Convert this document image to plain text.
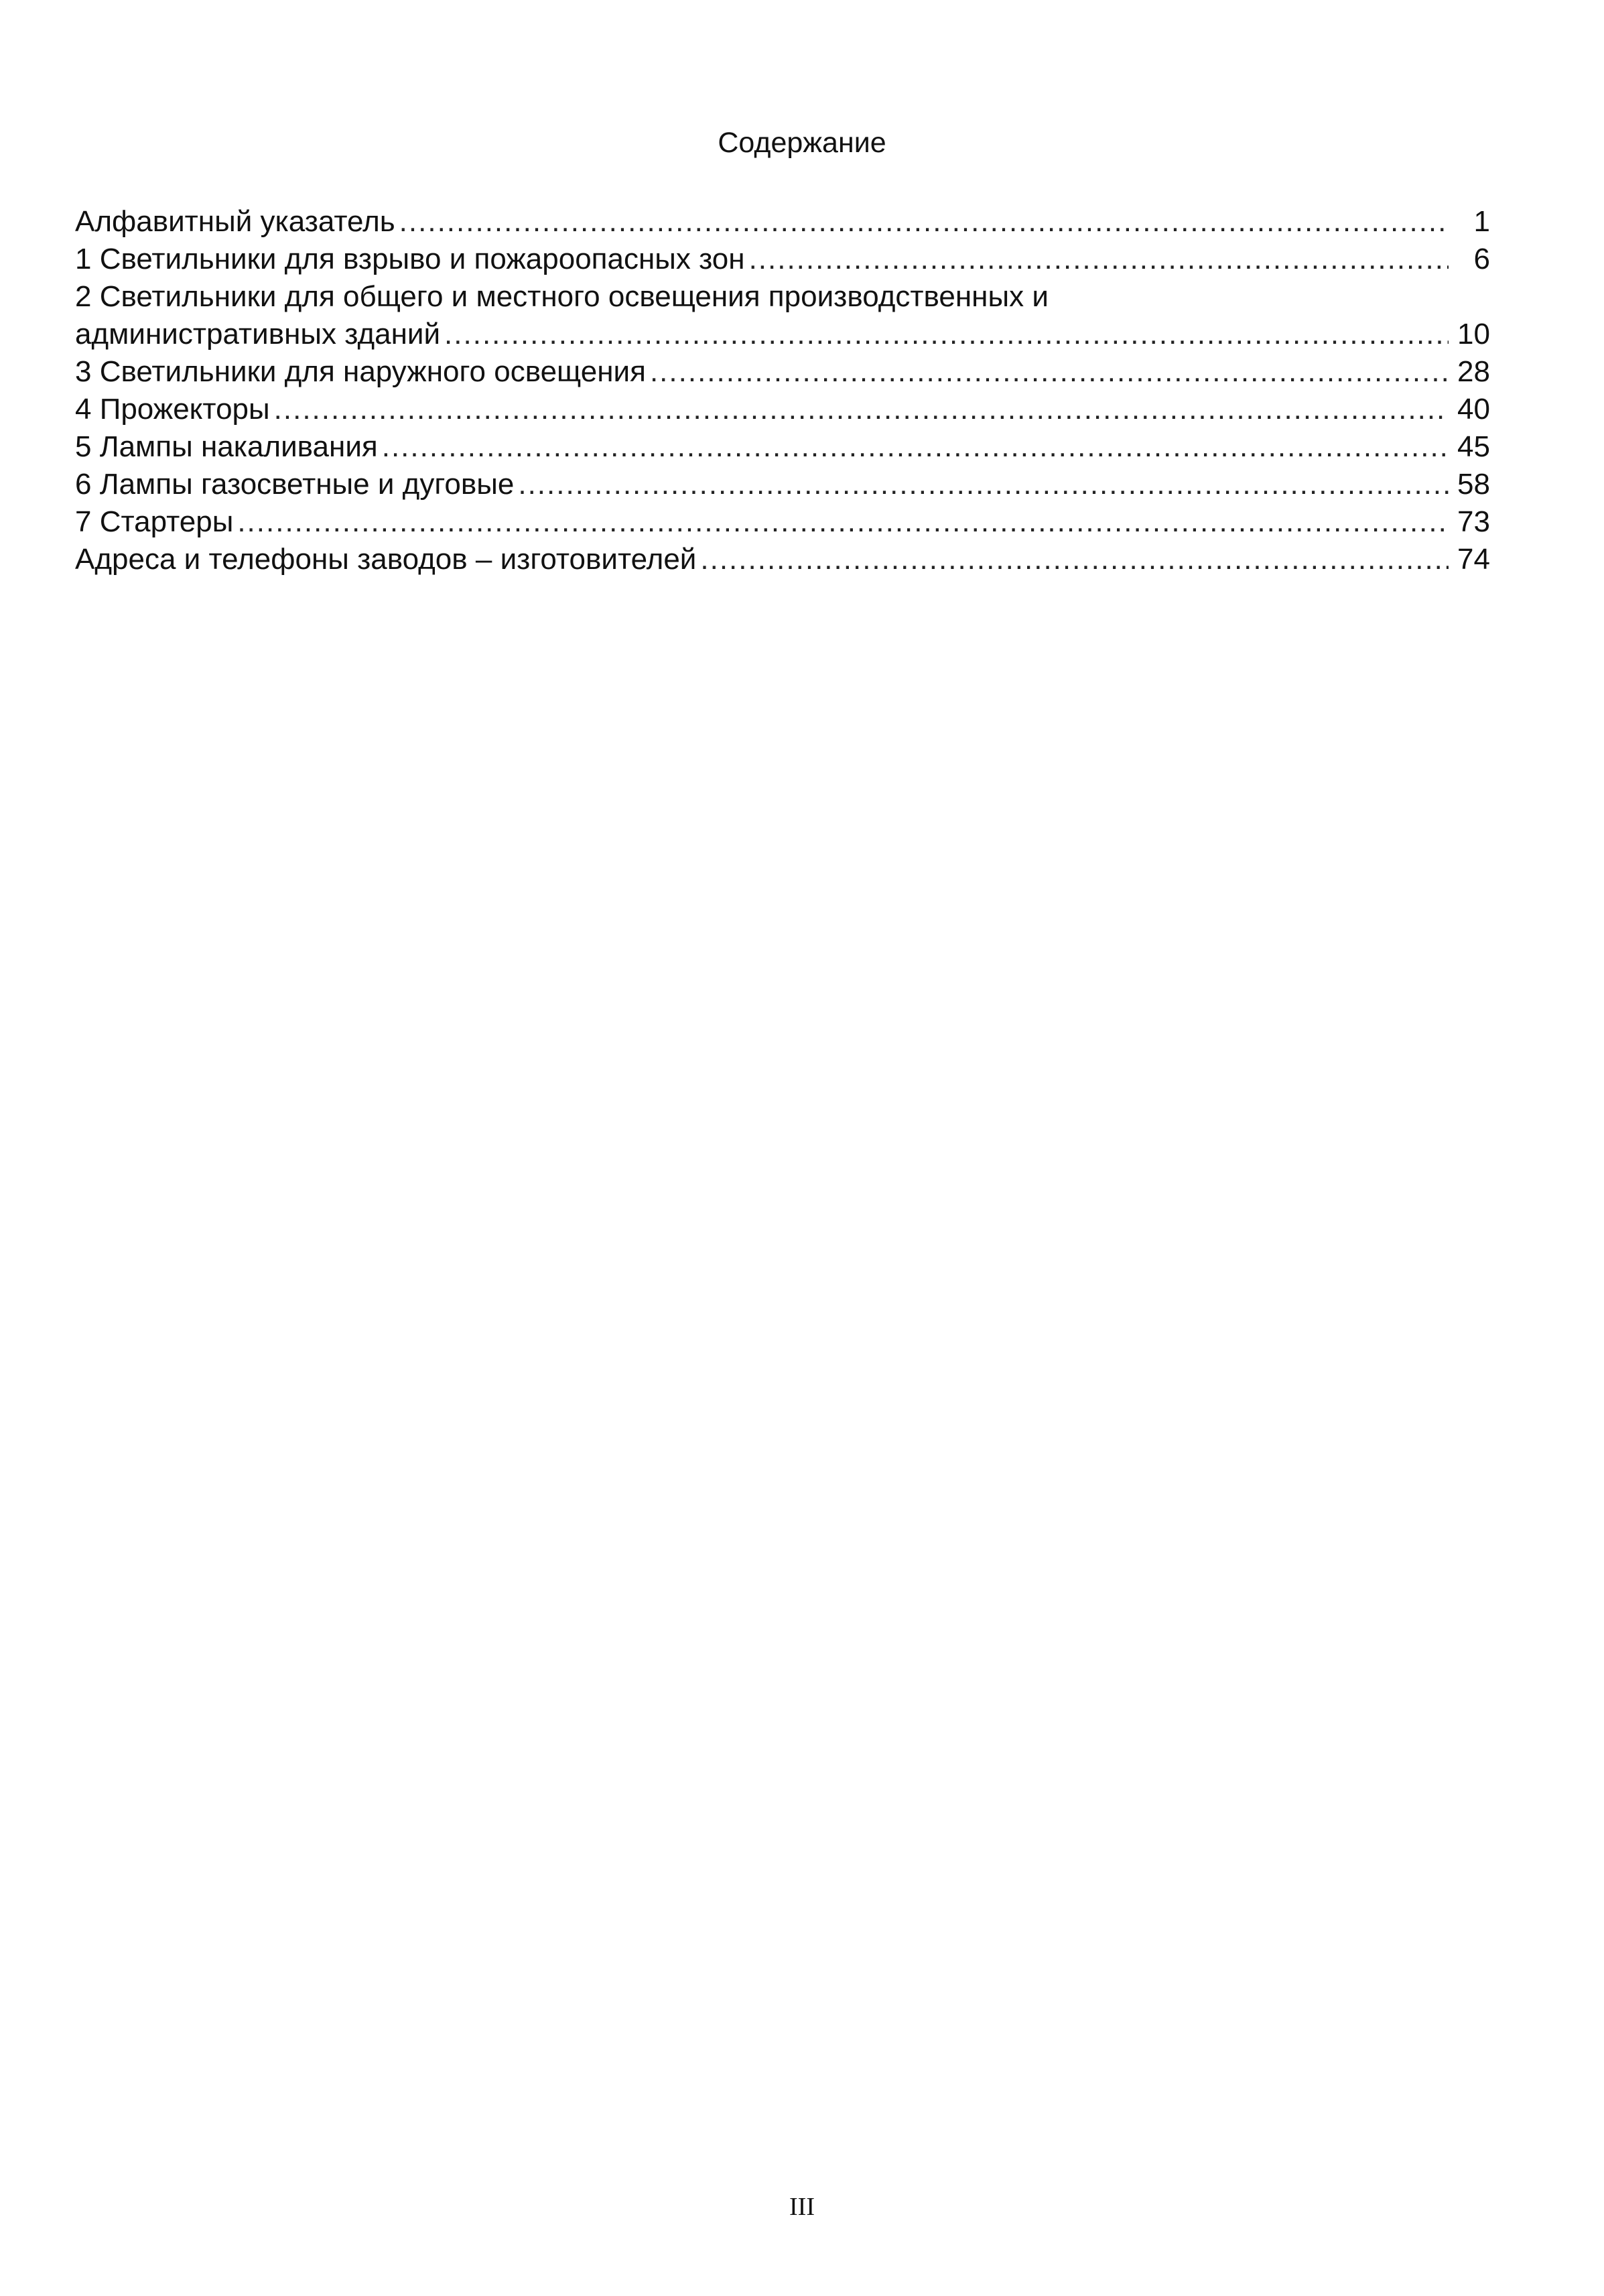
Содержание
Алфавитный указатель .....	1
1 Светильники для взрыво и пожароопасных зон .....	6
2 Светильники для общего и местного освещения производственных и
административных зданий .....	10
3 Светильники для наружного освещения .....	28
4 Прожекторы .....	40
5 Лампы накаливания .....	45
6 Лампы газосветные и дуговые .....	58
7 Стартеры .....	73
Адреса и телефоны заводов – изготовителей .....	74
III
